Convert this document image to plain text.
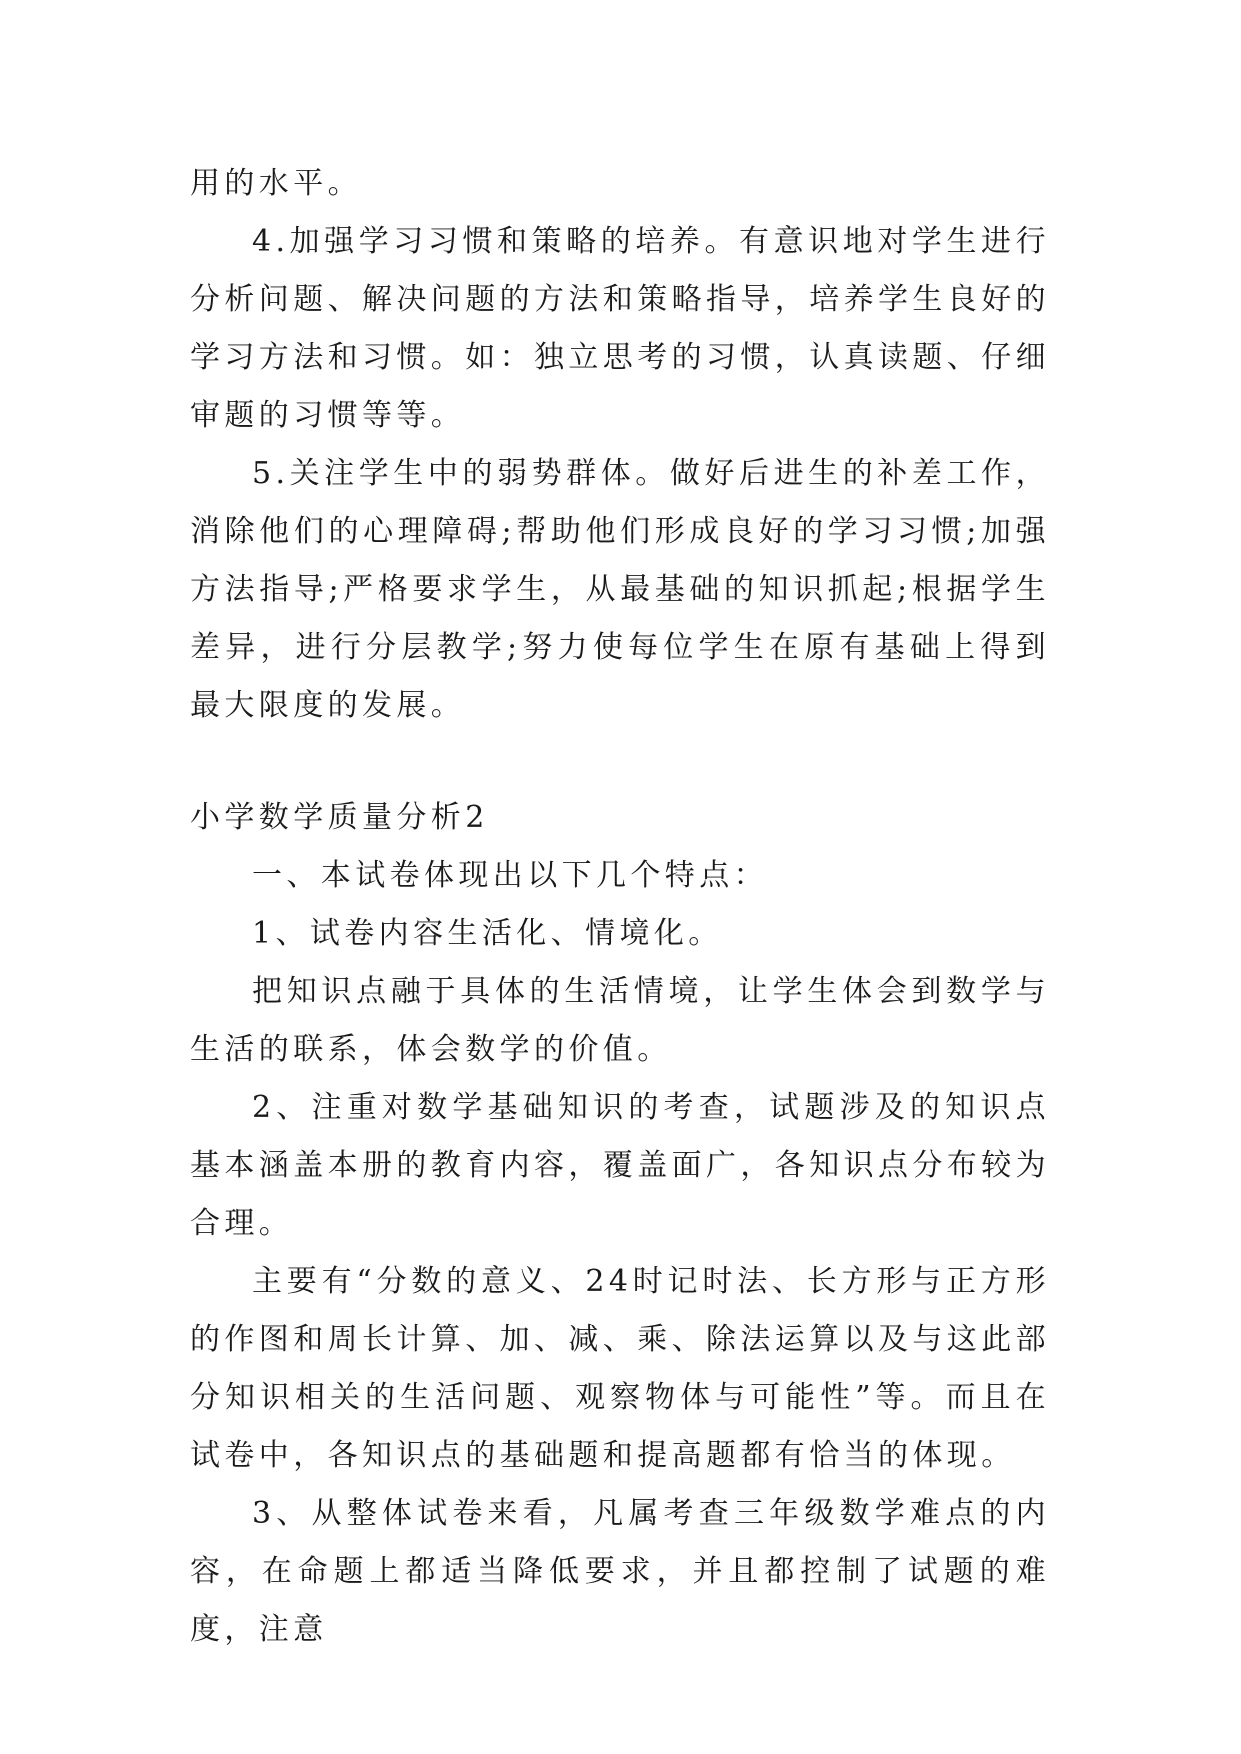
用的水平。

4.加强学习习惯和策略的培养。有意识地对学生进行分析问题、解决问题的方法和策略指导，培养学生良好的学习方法和习惯。如：独立思考的习惯，认真读题、仔细审题的习惯等等。

5.关注学生中的弱势群体。做好后进生的补差工作，消除他们的心理障碍;帮助他们形成良好的学习习惯;加强方法指导;严格要求学生，从最基础的知识抓起;根据学生差异，进行分层教学;努力使每位学生在原有基础上得到最大限度的发展。

小学数学质量分析2

一、本试卷体现出以下几个特点：

1、试卷内容生活化、情境化。

把知识点融于具体的生活情境，让学生体会到数学与生活的联系，体会数学的价值。

2、注重对数学基础知识的考查，试题涉及的知识点基本涵盖本册的教育内容，覆盖面广，各知识点分布较为合理。

主要有“分数的意义、24时记时法、长方形与正方形的作图和周长计算、加、减、乘、除法运算以及与这此部分知识相关的生活问题、观察物体与可能性”等。而且在试卷中，各知识点的基础题和提高题都有恰当的体现。

3、从整体试卷来看，凡属考查三年级数学难点的内容，在命题上都适当降低要求，并且都控制了试题的难度，注意
